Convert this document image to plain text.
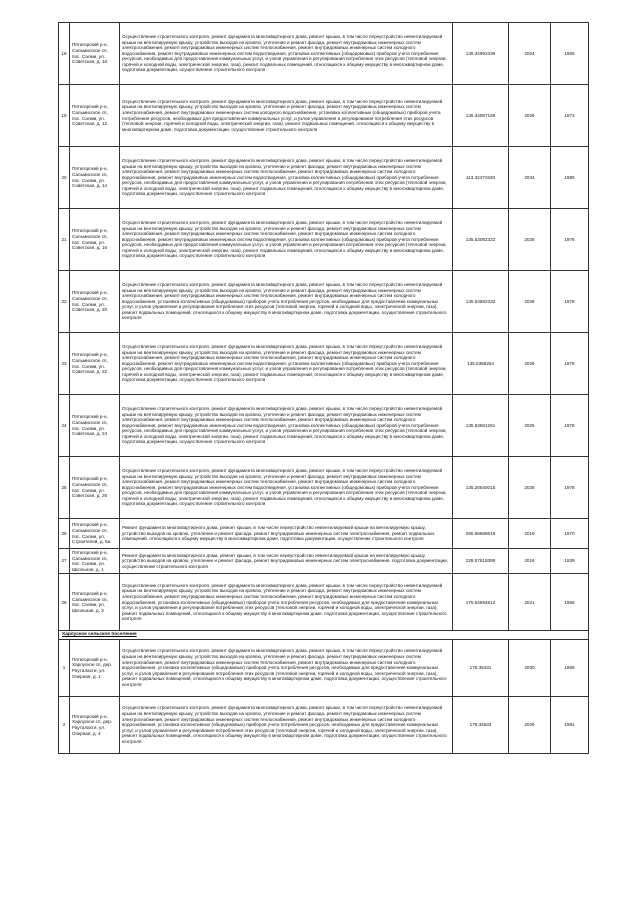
18	Пятигорский р-н, Сальмисское сп, пос. Салми, ул. Советская, д. 10	Осуществление строительного контроля, ремонт фундамента многоквартирного дома, ремонт крыши, в том числе переустройство невентилируемой крыши на вентилируемую крышу, устройство выходов на кровлю, утепление и ремонт фасада, ремонт внутридомовых инженерных систем электроснабжения, ремонт внутридомовых инженерных систем теплоснабжения, ремонт внутридомовых инженерных систем холодного водоснабжения, ремонт внутридомовых инженерных систем водоотведения, установка коллективных (общедомовых) приборов учета потребления ресурсов, необходимых для предоставления коммунальных услуг, и узлов управления и регулирования потребления этих ресурсов (тепловой энергии, горячей и холодной воды, электрической энергии, газа), ремонт подвальных помещений, относящихся к общему имуществу в многоквартирном доме, подготовка документации, осуществление строительного контроля	135.34992339	2024	1965
19	Пятигорский р-н, Сальмисское сп, пос. Салми, ул. Советская, д. 12	Осуществление строительного контроля, ремонт фундамента многоквартирного дома, ремонт крыши, в том числе переустройство невентилируемой крыши на вентилируемую крышу, устройство выходов на кровлю, утепление и ремонт фасада, ремонт внутридомовых инженерных систем электроснабжения, ремонт внутридомовых инженерных систем холодного водоснабжения, установка коллективных (общедомовых) приборов учета потребления ресурсов, необходимых для предоставления коммунальных услуг, и узлов управления и регулирования потребления этих ресурсов (тепловой энергии, горячей и холодной воды, электрической энергии, газа), ремонт подвальных помещений, относящихся к общему имуществу в многоквартирном доме, подготовка документации, осуществление строительного контроля	135.34087158	2026	1973
20	Пятигорский р-н, Сальмисское сп, пос. Салми, ул. Советская, д. 14	Осуществление строительного контроля, ремонт фундамента многоквартирного дома, ремонт крыши, в том числе переустройство невентилируемой крыши на вентилируемую крышу, устройство выходов на кровлю, утепление и ремонт фасада, ремонт внутридомовых инженерных систем электроснабжения, ремонт внутридомовых инженерных систем теплоснабжения, ремонт внутридомовых инженерных систем холодного водоснабжения, ремонт внутридомовых инженерных систем водоотведения, установка коллективных (общедомовых) приборов учета потребления ресурсов, необходимых для предоставления коммунальных услуг, и узлов управления и регулирования потребления этих ресурсов (тепловой энергии, горячей и холодной воды, электрической энергии, газа), ремонт подвальных помещений, относящихся к общему имуществу в многоквартирном доме, подготовка документации, осуществление строительного контроля	113.32471530	2034	1989
21	Пятигорский р-н, Сальмисское сп, пос. Салми, ул. Советская, д. 16	Осуществление строительного контроля, ремонт фундамента многоквартирного дома, ремонт крыши, в том числе переустройство невентилируемой крыши на вентилируемую крышу, устройство выходов на кровлю, утепление и ремонт фасада, ремонт внутридомовых инженерных систем электроснабжения, ремонт внутридомовых инженерных систем теплоснабжения, ремонт внутридомовых инженерных систем холодного водоснабжения, ремонт внутридомовых инженерных систем водоотведения, установка коллективных (общедомовых) приборов учета потребления ресурсов, необходимых для предоставления коммунальных услуг, и узлов управления и регулирования потребления этих ресурсов (тепловой энергии, горячей и холодной воды, электрической энергии, газа), ремонт подвальных помещений, относящихся к общему имуществу в многоквартирном доме, подготовка документации, осуществление строительного контроля	135.53082322	2028	1976
22	Пятигорский р-н, Сальмисское сп, пос. Салми, ул. Советская, д. 20	Осуществление строительного контроля, ремонт фундамента многоквартирного дома, ремонт крыши, в том числе переустройство невентилируемой крыши на вентилируемую крышу, устройство выходов на кровлю, утепление и ремонт фасада, ремонт внутридомовых инженерных систем электроснабжения, ремонт внутридомовых инженерных систем теплоснабжения, ремонт внутридомовых инженерных систем холодного водоснабжения, установка коллективных (общедомовых) приборов учета потребления ресурсов, необходимых для предоставления коммунальных услуг, и узлов управления и регулирования потребления этих ресурсов (тепловой энергии, горячей и холодной воды, электрической энергии, газа), ремонт подвальных помещений, относящихся к общему имуществу в многоквартирном доме, подготовка документации, осуществление строительного контроля	135.53582332	2028	1978
23	Пятигорский р-н, Сальмисское сп, пос. Салми, ул. Советская, д. 22	Осуществление строительного контроля, ремонт фундамента многоквартирного дома, ремонт крыши, в том числе переустройство невентилируемой крыши на вентилируемую крышу, устройство выходов на кровлю, утепление и ремонт фасада, ремонт внутридомовых инженерных систем электроснабжения, ремонт внутридомовых инженерных систем теплоснабжения, ремонт внутридомовых инженерных систем холодного водоснабжения, ремонт внутридомовых инженерных систем водоотведения, установка коллективных (общедомовых) приборов учета потребления ресурсов, необходимых для предоставления коммунальных услуг, и узлов управления и регулирования потребления этих ресурсов (тепловой энергии, горячей и холодной воды, электрической энергии, газа), ремонт подвальных помещений, относящихся к общему имуществу в многоквартирном доме, подготовка документации, осуществление строительного контроля	135.5358254	2026	1978
24	Пятигорский р-н, Сальмисское сп, пос. Салми, ул. Советская, д. 24	Осуществление строительного контроля, ремонт фундамента многоквартирного дома, ремонт крыши, в том числе переустройство невентилируемой крыши на вентилируемую крышу, устройство выходов на кровлю, утепление и ремонт фасада, ремонт внутридомовых инженерных систем электроснабжения, ремонт внутридомовых инженерных систем теплоснабжения, ремонт внутридомовых инженерных систем холодного водоснабжения, ремонт внутридомовых инженерных систем водоотведения, установка коллективных (общедомовых) приборов учета потребления ресурсов, необходимых для предоставления коммунальных услуг, и узлов управления и регулирования потребления этих ресурсов (тепловой энергии, горячей и холодной воды, электрической энергии, газа), ремонт подвальных помещений, относящихся к общему имуществу в многоквартирном доме, подготовка документации, осуществление строительного контроля	135.53581261	2025	1978
25	Пятигорский р-н, Сальмисское сп, пос. Салми, ул. Советская, д. 26	Осуществление строительного контроля, ремонт фундамента многоквартирного дома, ремонт крыши, в том числе переустройство невентилируемой крыши на вентилируемую крышу, устройство выходов на кровлю, утепление и ремонт фасада, ремонт внутридомовых инженерных систем электроснабжения, ремонт внутридомовых инженерных систем теплоснабжения, ремонт внутридомовых инженерных систем холодного водоснабжения, ремонт внутридомовых инженерных систем водоотведения, установка коллективных (общедомовых) приборов учета потребления ресурсов, необходимых для предоставления коммунальных услуг, и узлов управления и регулирования потребления этих ресурсов (тепловой энергии, горячей и холодной воды, электрической энергии, газа), ремонт подвальных помещений, относящихся к общему имуществу в многоквартирном доме, подготовка документации, осуществление строительного контроля	135.20540015	2028	1978
26	Пятигорский р-н, Сальмисское сп, пос. Салми, ул. Строителей, д. 5а	Ремонт фундамента многоквартирного дома, ремонт крыши, в том числе переустройство невентилируемой крыши на вентилируемую крышу, устройство выходов на кровлю, утепление и ремонт фасада, ремонт внутридомовых инженерных систем электроснабжения, ремонт подвальных помещений, относящихся к общему имуществу в многоквартирном доме, подготовка документации, осуществление строительного контроля	265.58668619	2019	1970
27	Пятигорский р-н, Сальмисское сп, пос. Салми, ул. Школьная, д. 1	Ремонт фундамента многоквартирного дома, ремонт крыши, в том числе переустройство невентилируемой крыши на вентилируемую крышу, устройство выходов на кровлю, утепление и ремонт фасада, ремонт внутридомовых инженерных систем электроснабжения, подготовка документации, осуществление строительного контроля	228.57619399	2016	1939
28	Пятигорский р-н, Сальмисское сп, пос. Салми, ул. Школьная, д. 3	Осуществление строительного контроля, ремонт фундамента многоквартирного дома, ремонт крыши, в том числе переустройство невентилируемой крыши на вентилируемую крышу, устройство выходов на кровлю, утепление и ремонт фасада, ремонт внутридомовых инженерных систем электроснабжения, ремонт внутридомовых инженерных систем теплоснабжения, ремонт внутридомовых инженерных систем холодного водоснабжения, установка коллективных (общедомовых) приборов учета потребления ресурсов, необходимых для предоставления коммунальных услуг, и узлов управления и регулирования потребления этих ресурсов (тепловой энергии, горячей и холодной воды, электрической энергии, газа), ремонт подвальных помещений, относящихся к общему имуществу в многоквартирном доме, подготовка документации, осуществление строительного контроля	175.54594812	2021	1965
Харлуское сельское поселение					
1	Пятигорский р-н, Харлуское сп, дер. Рауталахти, ул. Озерная, д. 1	Осуществление строительного контроля, ремонт фундамента многоквартирного дома, ремонт крыши, в том числе переустройство невентилируемой крыши на вентилируемую крышу, устройство выходов на кровлю, утепление и ремонт фасада, ремонт внутридомовых инженерных систем электроснабжения, ремонт внутридомовых инженерных систем теплоснабжения, ремонт внутридомовых инженерных систем холодного водоснабжения, установка коллективных (общедомовых) приборов учета потребления ресурсов, необходимых для предоставления коммунальных услуг, и узлов управления и регулирования потребления этих ресурсов (тепловой энергии, горячей и холодной воды, электрической энергии, газа), ремонт подвальных помещений, относящихся к общему имуществу в многоквартирном доме, подготовка документации, осуществление строительного контроля	175.35431	2030	1965
2	Пятигорский р-н, Харлуское сп, дер. Рауталахти, ул. Озерная, д. 4	Осуществление строительного контроля, ремонт фундамента многоквартирного дома, ремонт крыши, в том числе переустройство невентилируемой крыши на вентилируемую крышу, устройство выходов на кровлю, утепление и ремонт фасада, ремонт внутридомовых инженерных систем электроснабжения, ремонт внутридомовых инженерных систем теплоснабжения, ремонт внутридомовых инженерных систем холодного водоснабжения, установка коллективных (общедомовых) приборов учета потребления ресурсов, необходимых для предоставления коммунальных услуг, и узлов управления и регулирования потребления этих ресурсов (тепловой энергии, горячей и холодной воды, электрической энергии, газа), ремонт подвальных помещений, относящихся к общему имуществу в многоквартирном доме, подготовка документации, осуществление строительного контроля	175.34633	2029	1981
